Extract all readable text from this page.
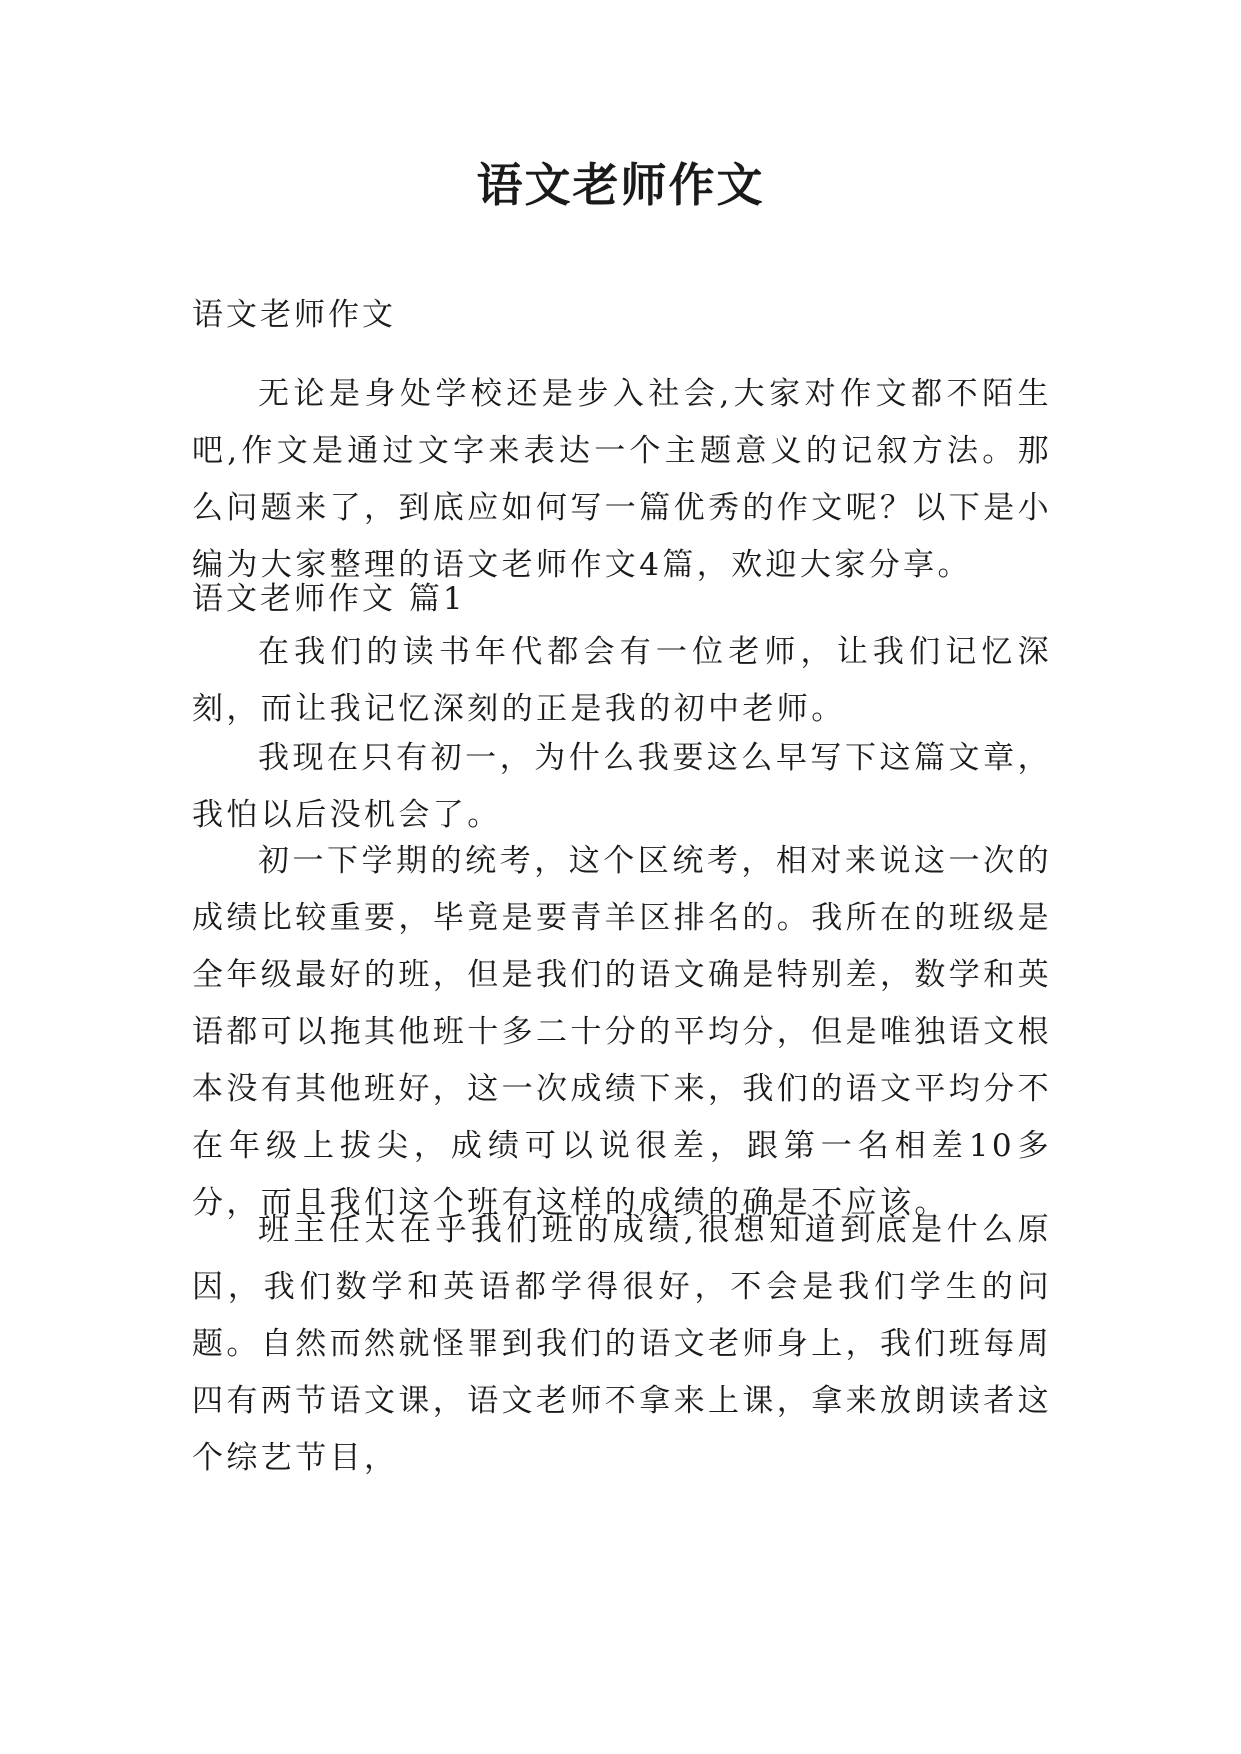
语文老师作文
语文老师作文
无论是身处学校还是步入社会,大家对作文都不陌生吧,作文是通过文字来表达一个主题意义的记叙方法。那么问题来了，到底应如何写一篇优秀的作文呢？以下是小编为大家整理的语文老师作文4篇，欢迎大家分享。
语文老师作文 篇1
在我们的读书年代都会有一位老师，让我们记忆深刻，而让我记忆深刻的正是我的初中老师。
我现在只有初一，为什么我要这么早写下这篇文章，我怕以后没机会了。
初一下学期的统考，这个区统考，相对来说这一次的成绩比较重要，毕竟是要青羊区排名的。我所在的班级是全年级最好的班，但是我们的语文确是特别差，数学和英语都可以拖其他班十多二十分的平均分，但是唯独语文根本没有其他班好，这一次成绩下来，我们的语文平均分不在年级上拔尖，成绩可以说很差，跟第一名相差10多分，而且我们这个班有这样的成绩的确是不应该。
班主任太在乎我们班的成绩,很想知道到底是什么原因，我们数学和英语都学得很好，不会是我们学生的问题。自然而然就怪罪到我们的语文老师身上，我们班每周四有两节语文课，语文老师不拿来上课，拿来放朗读者这个综艺节目，
